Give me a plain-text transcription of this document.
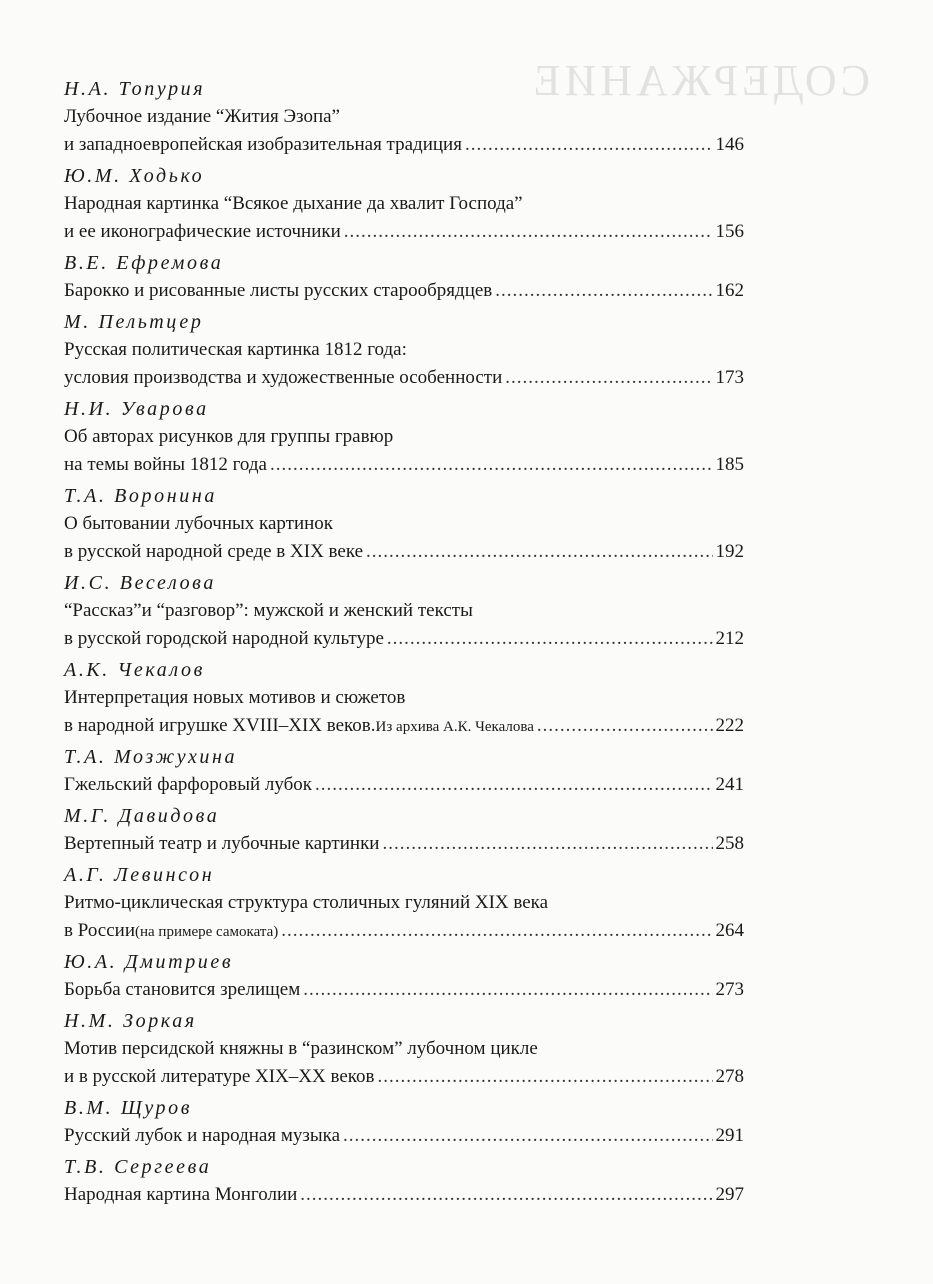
СОДЕРЖАНИЕ
Н.А. Топурия
Лубочное издание “Жития Эзопа”
и западноевропейская изобразительная традиция .....	146
Ю.М. Ходько
Народная картинка “Всякое дыхание да хвалит Господа”
и ее иконографические источники .....	156
В.Е. Ефремова
Барокко и рисованные листы русских старообрядцев .....	162
М. Пельтцер
Русская политическая картинка 1812 года:
условия производства и художественные особенности .....	173
Н.И. Уварова
Об авторах рисунков для группы гравюр
на темы войны 1812 года .....	185
Т.А. Воронина
О бытовании лубочных картинок
в русской народной среде в XIX веке .....	192
И.С. Веселова
“Рассказ”и “разговор”: мужской и женский тексты
в русской городской народной культуре .....	212
А.К. Чекалов
Интерпретация новых мотивов и сюжетов
в народной игрушке XVIII–XIX веков. Из архива А.К. Чекалова .....	222
Т.А. Мозжухина
Гжельский фарфоровый лубок .....	241
М.Г. Давидова
Вертепный театр и лубочные картинки .....	258
А.Г. Левинсон
Ритмо-циклическая структура столичных гуляний XIX века
в России (на примере самоката) .....	264
Ю.А. Дмитриев
Борьба становится зрелищем .....	273
Н.М. Зоркая
Мотив персидской княжны в “разинском” лубочном цикле
и в русской литературе XIX–XX веков .....	278
В.М. Щуров
Русский лубок и народная музыка .....	291
Т.В. Сергеева
Народная картина Монголии .....	297
